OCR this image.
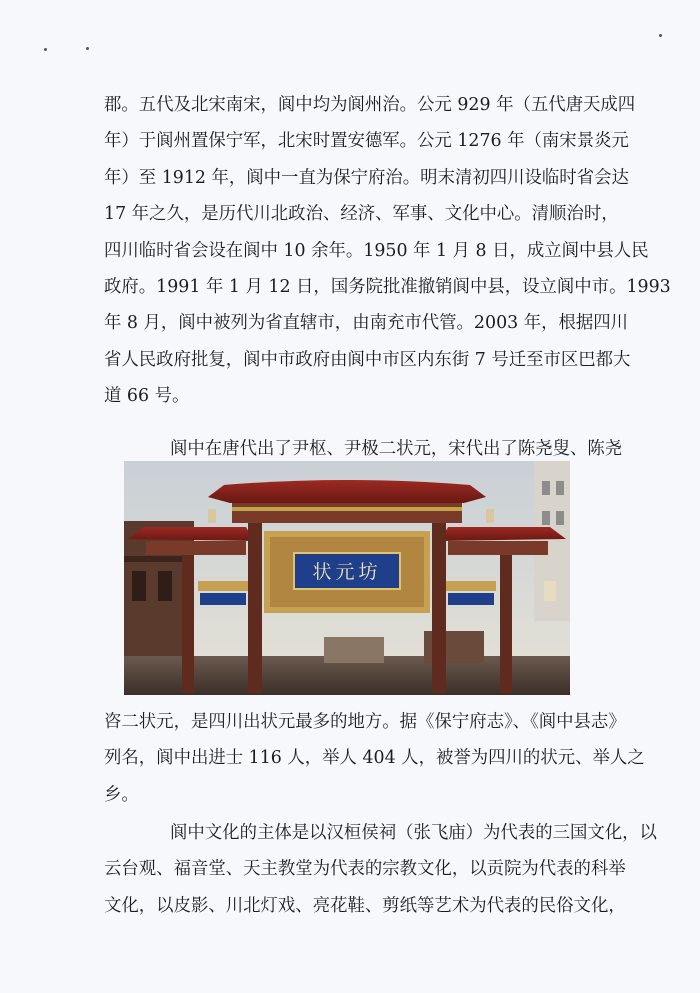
郡。五代及北宋南宋，阆中均为阆州治。公元 929 年（五代唐天成四
年）于阆州置保宁军，北宋时置安德军。公元 1276 年（南宋景炎元
年）至 1912 年，阆中一直为保宁府治。明末清初四川设临时省会达
17 年之久，是历代川北政治、经济、军事、文化中心。清顺治时，
四川临时省会设在阆中 10 余年。1950 年 1 月 8 日，成立阆中县人民
政府。1991 年 1 月 12 日，国务院批准撤销阆中县，设立阆中市。1993
年 8 月，阆中被列为省直辖市，由南充市代管。2003 年，根据四川
省人民政府批复，阆中市政府由阆中市区内东街 7 号迁至市区巴都大
道 66 号。
阆中在唐代出了尹枢、尹极二状元，宋代出了陈尧叟、陈尧
状元坊
咨二状元，是四川出状元最多的地方。据《保宁府志》、《阆中县志》
列名，阆中出进士 116 人，举人 404 人，被誉为四川的状元、举人之
乡。
阆中文化的主体是以汉桓侯祠（张飞庙）为代表的三国文化，以
云台观、福音堂、天主教堂为代表的宗教文化，以贡院为代表的科举
文化，以皮影、川北灯戏、亮花鞋、剪纸等艺术为代表的民俗文化，
